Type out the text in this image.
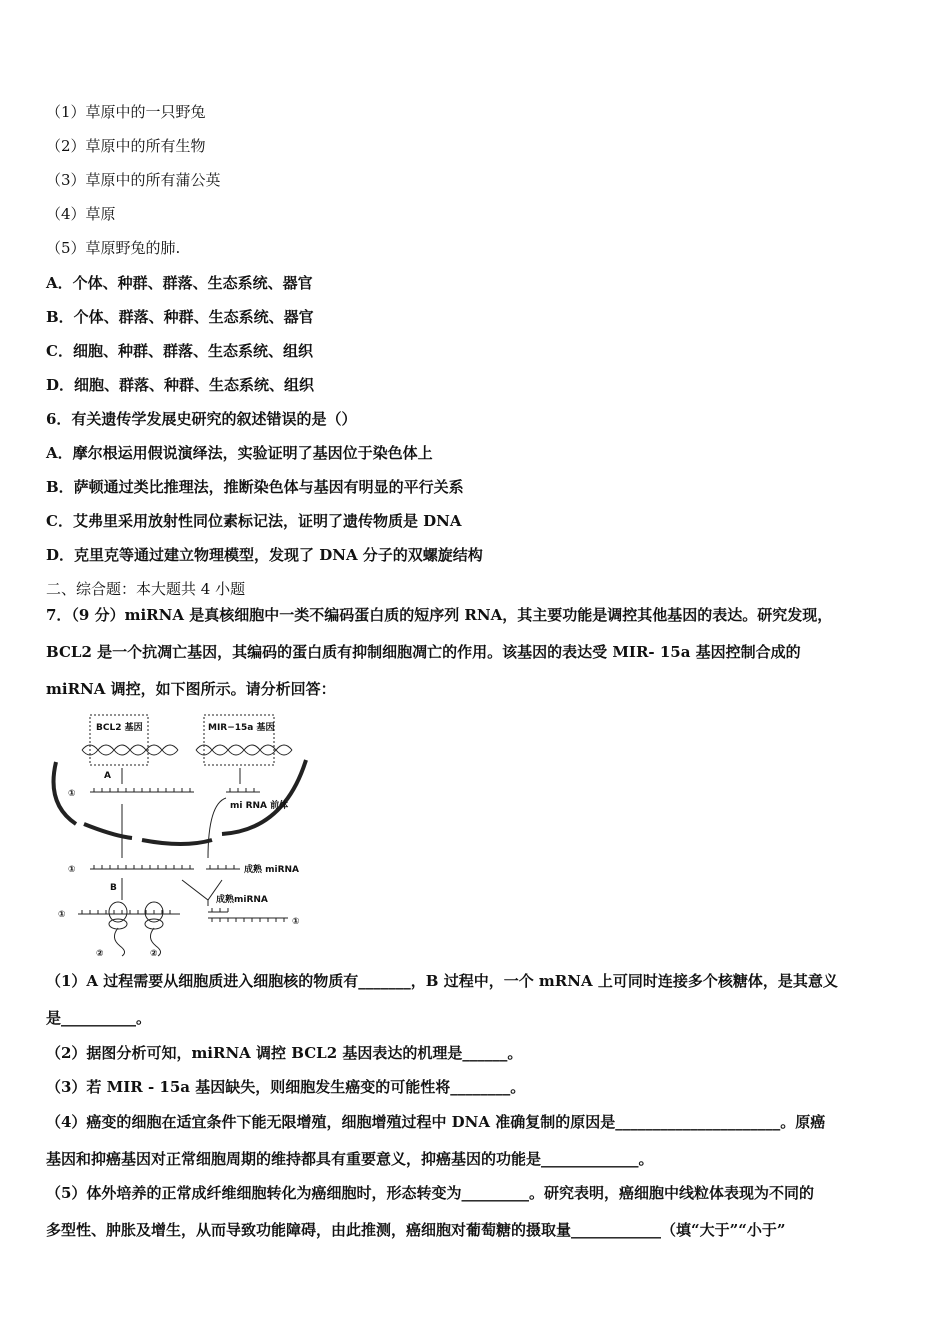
（1）草原中的一只野兔
（2）草原中的所有生物
（3）草原中的所有蒲公英
（4）草原
（5）草原野兔的肺.
A．个体、种群、群落、生态系统、器官
B．个体、群落、种群、生态系统、器官
C．细胞、种群、群落、生态系统、组织
D．细胞、群落、种群、生态系统、组织
6．有关遗传学发展史研究的叙述错误的是（）
A．摩尔根运用假说演绎法，实验证明了基因位于染色体上
B．萨顿通过类比推理法，推断染色体与基因有明显的平行关系
C．艾弗里采用放射性同位素标记法，证明了遗传物质是 DNA
D．克里克等通过建立物理模型，发现了 DNA 分子的双螺旋结构
二、综合题：本大题共 4 小题
7．（9 分）miRNA 是真核细胞中一类不编码蛋白质的短序列 RNA，其主要功能是调控其他基因的表达。研究发现，
BCL2 是一个抗凋亡基因，其编码的蛋白质有抑制细胞凋亡的作用。该基因的表达受 MIR- 15a 基因控制合成的
miRNA 调控，如下图所示。请分析回答：
BCL2 基因	MIR−15a 基因
A
mi RNA 前体
①
①	成熟 miRNA
B
成熟miRNA
①
①
②	②
（1）A 过程需要从细胞质进入细胞核的物质有_______，B 过程中，一个 mRNA 上可同时连接多个核糖体，是其意义
是__________。
（2）据图分析可知，miRNA 调控 BCL2 基因表达的机理是______。
（3）若 MIR - 15a 基因缺失，则细胞发生癌变的可能性将________。
（4）癌变的细胞在适宜条件下能无限增殖，细胞增殖过程中 DNA 准确复制的原因是______________________。原癌
基因和抑癌基因对正常细胞周期的维持都具有重要意义，抑癌基因的功能是_____________。
（5）体外培养的正常成纤维细胞转化为癌细胞时，形态转变为_________。研究表明，癌细胞中线粒体表现为不同的
多型性、肿胀及增生，从而导致功能障碍，由此推测，癌细胞对葡萄糖的摄取量____________（填“大于”“小于”
